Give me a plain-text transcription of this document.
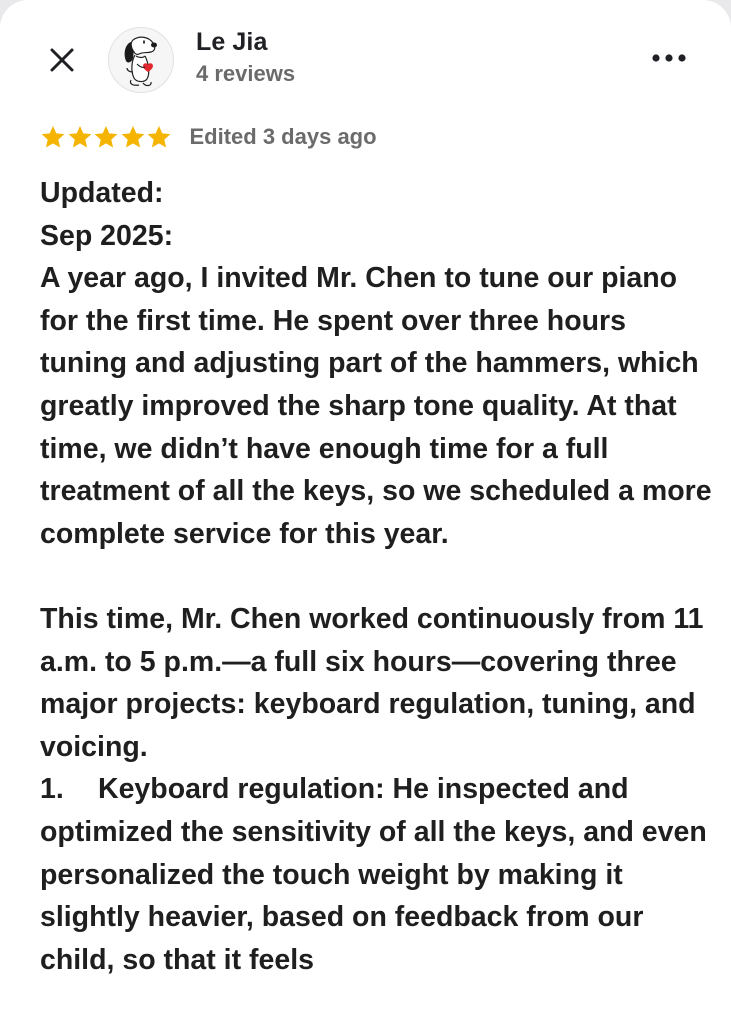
Le Jia
4 reviews
Edited 3 days ago

Updated:

Sep 2025:

A year ago, I invited Mr. Chen to tune our piano for the first time. He spent over three hours tuning and adjusting part of the hammers, which greatly improved the sharp tone quality. At that time, we didn’t have enough time for a full treatment of all the keys, so we scheduled a more complete service for this year.

This time, Mr. Chen worked continuously from 11 a.m. to 5 p.m.—a full six hours—covering three major projects: keyboard regulation, tuning, and voicing.

1. Keyboard regulation: He inspected and optimized the sensitivity of all the keys, and even personalized the touch weight by making it slightly heavier, based on feedback from our child, so that it feels
